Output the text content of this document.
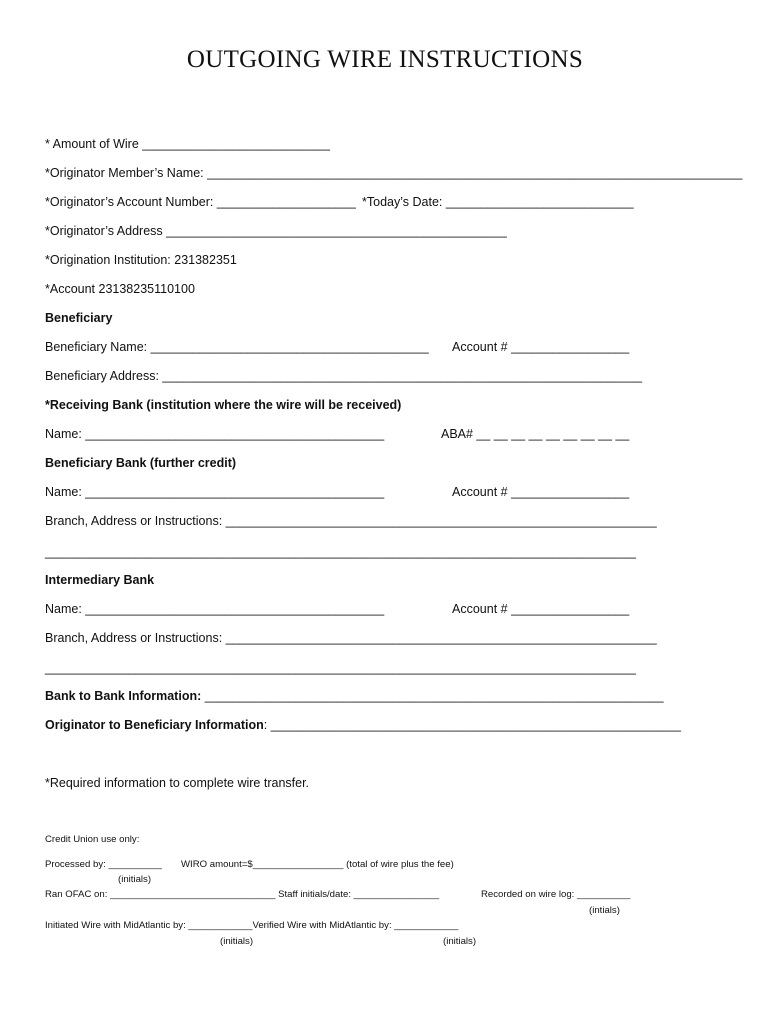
OUTGOING WIRE INSTRUCTIONS
* Amount of Wire ___________________________
*Originator Member’s Name: _____________________________________________________________________________
*Originator’s Account Number: ____________________ *Today’s Date: ___________________________
*Originator’s Address _________________________________________________
*Origination Institution: 231382351
*Account 23138235110100
Beneficiary
Beneficiary Name: ________________________________________ Account # _________________
Beneficiary Address: _____________________________________________________________________
*Receiving Bank (institution where the wire will be received)
Name: ___________________________________________	ABA# __ __ __ __ __ __ __ __ __
Beneficiary Bank (further credit)
Name: ___________________________________________	Account # _________________
Branch, Address or Instructions: ______________________________________________________________
_____________________________________________________________________________________
Intermediary Bank
Name: ___________________________________________	Account # _________________
Branch, Address or Instructions: ______________________________________________________________
_____________________________________________________________________________________
Bank to Bank Information: __________________________________________________________________
Originator to Beneficiary Information: ___________________________________________________________
*Required information to complete wire transfer.
Credit Union use only:
Processed by: __________ WIRO amount=$_________________ (total of wire plus the fee)
(initials)
Ran OFAC on: _______________________________ Staff initials/date: ________________	Recorded on wire log: __________
(intials)
Initiated Wire with MidAtlantic by: ____________Verified Wire with MidAtlantic by: ____________
(initials)	(initials)
